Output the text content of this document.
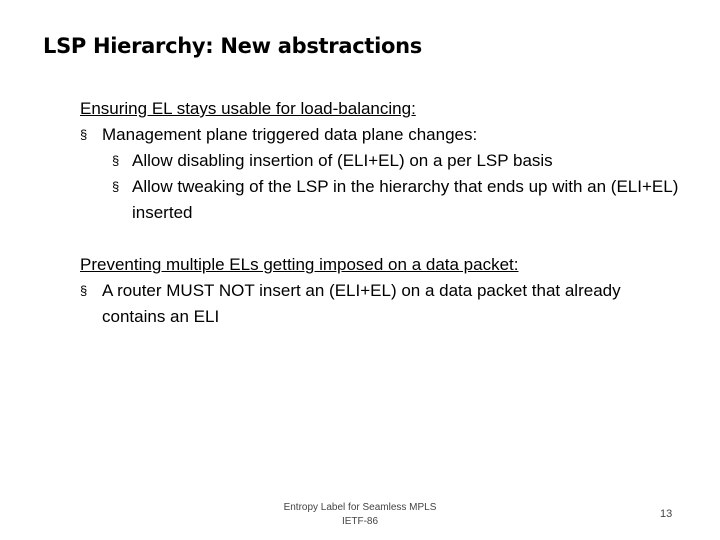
LSP Hierarchy: New abstractions
Ensuring EL stays usable for load-balancing:
§ Management plane triggered data plane changes:
§ Allow disabling insertion of (ELI+EL) on a per LSP basis
§ Allow tweaking of the LSP in the hierarchy that ends up with an (ELI+EL) inserted
Preventing multiple ELs getting imposed on a data packet:
§ A router MUST NOT insert an (ELI+EL) on a data packet that already contains an ELI
Entropy Label for Seamless MPLS
IETF-86
13
